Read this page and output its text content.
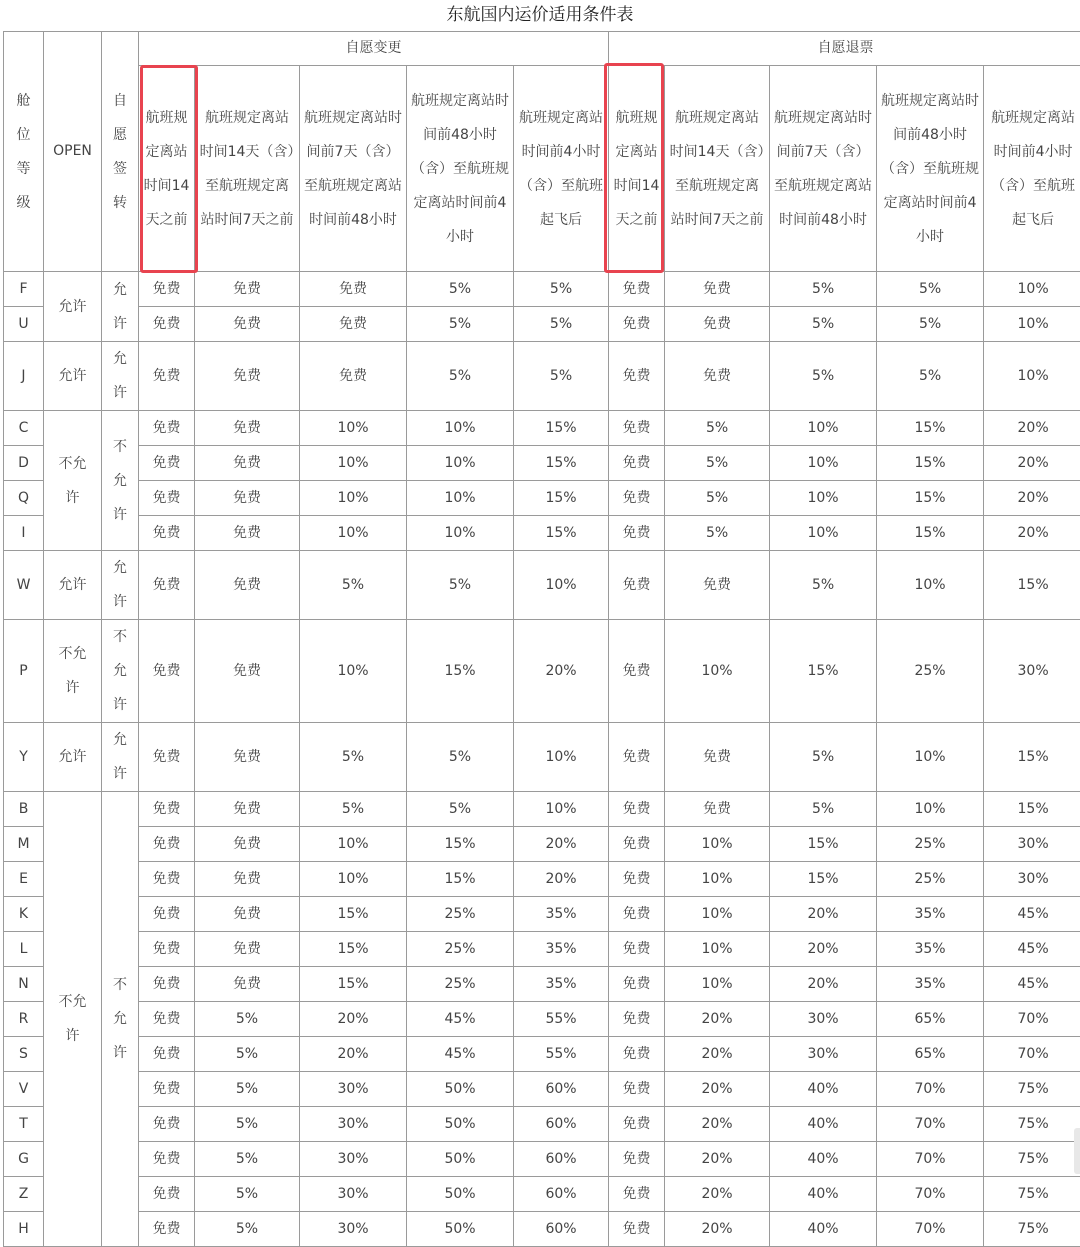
东航国内运价适用条件表
舱位等级	OPEN	自愿签转	自愿变更					自愿退票				
			航班规定离站时间14天之前	航班规定离站时间14天（含）至航班规定离站时间7天之前	航班规定离站时间前7天（含）至航班规定离站时间前48小时	航班规定离站时间前48小时（含）至航班规定离站时间前4小时	航班规定离站时间前4小时（含）至航班起飞后	航班规定离站时间14天之前	航班规定离站时间14天（含）至航班规定离站时间7天之前	航班规定离站时间前7天（含）至航班规定离站时间前48小时	航班规定离站时间前48小时（含）至航班规定离站时间前4小时	航班规定离站时间前4小时（含）至航班起飞后
F	允许	允许	免费	免费	免费	5%	5%	免费	免费	5%	5%	10%
U			免费	免费	免费	5%	5%	免费	免费	5%	5%	10%
J	允许	允许	免费	免费	免费	5%	5%	免费	免费	5%	5%	10%
C	不允许	不允许	免费	免费	10%	10%	15%	免费	5%	10%	15%	20%
D			免费	免费	10%	10%	15%	免费	5%	10%	15%	20%
Q			免费	免费	10%	10%	15%	免费	5%	10%	15%	20%
I			免费	免费	10%	10%	15%	免费	5%	10%	15%	20%
W	允许	允许	免费	免费	5%	5%	10%	免费	免费	5%	10%	15%
P	不允许	不允许	免费	免费	10%	15%	20%	免费	10%	15%	25%	30%
Y	允许	允许	免费	免费	5%	5%	10%	免费	免费	5%	10%	15%
B	不允许	不允许	免费	免费	5%	5%	10%	免费	免费	5%	10%	15%
M			免费	免费	10%	15%	20%	免费	10%	15%	25%	30%
E			免费	免费	10%	15%	20%	免费	10%	15%	25%	30%
K			免费	免费	15%	25%	35%	免费	10%	20%	35%	45%
L			免费	免费	15%	25%	35%	免费	10%	20%	35%	45%
N			免费	免费	15%	25%	35%	免费	10%	20%	35%	45%
R			免费	5%	20%	45%	55%	免费	20%	30%	65%	70%
S			免费	5%	20%	45%	55%	免费	20%	30%	65%	70%
V			免费	5%	30%	50%	60%	免费	20%	40%	70%	75%
T			免费	5%	30%	50%	60%	免费	20%	40%	70%	75%
G			免费	5%	30%	50%	60%	免费	20%	40%	70%	75%
Z			免费	5%	30%	50%	60%	免费	20%	40%	70%	75%
H			免费	5%	30%	50%	60%	免费	20%	40%	70%	75%
